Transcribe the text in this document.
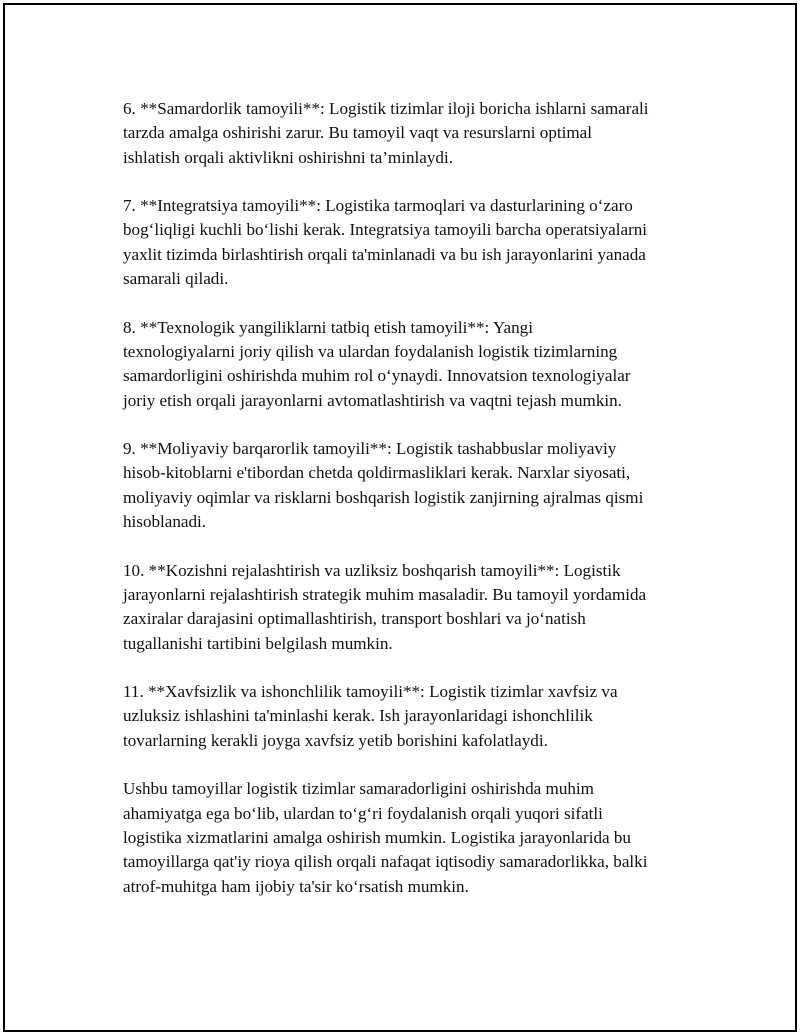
6. **Samardorlik tamoyili**: Logistik tizimlar iloji boricha ishlarni samarali
tarzda amalga oshirishi zarur. Bu tamoyil vaqt va resurslarni optimal
ishlatish orqali aktivlikni oshirishni ta’minlaydi.

7. **Integratsiya tamoyili**: Logistika tarmoqlari va dasturlarining o‘zaro
bog‘liqligi kuchli bo‘lishi kerak. Integratsiya tamoyili barcha operatsiyalarni
yaxlit tizimda birlashtirish orqali ta'minlanadi va bu ish jarayonlarini yanada
samarali qiladi.

8. **Texnologik yangiliklarni tatbiq etish tamoyili**: Yangi
texnologiyalarni joriy qilish va ulardan foydalanish logistik tizimlarning
samardorligini oshirishda muhim rol o‘ynaydi. Innovatsion texnologiyalar
joriy etish orqali jarayonlarni avtomatlashtirish va vaqtni tejash mumkin.

9. **Moliyaviy barqarorlik tamoyili**: Logistik tashabbuslar moliyaviy
hisob-kitoblarni e'tibordan chetda qoldirmasliklari kerak. Narxlar siyosati,
moliyaviy oqimlar va risklarni boshqarish logistik zanjirning ajralmas qismi
hisoblanadi.

10. **Kozishni rejalashtirish va uzliksiz boshqarish tamoyili**: Logistik
jarayonlarni rejalashtirish strategik muhim masaladir. Bu tamoyil yordamida
zaxiralar darajasini optimallashtirish, transport boshlari va jo‘natish
tugallanishi tartibini belgilash mumkin.

11. **Xavfsizlik va ishonchlilik tamoyili**: Logistik tizimlar xavfsiz va
uzluksiz ishlashini ta'minlashi kerak. Ish jarayonlaridagi ishonchlilik
tovarlarning kerakli joyga xavfsiz yetib borishini kafolatlaydi.

Ushbu tamoyillar logistik tizimlar samaradorligini oshirishda muhim
ahamiyatga ega bo‘lib, ulardan to‘g‘ri foydalanish orqali yuqori sifatli
logistika xizmatlarini amalga oshirish mumkin. Logistika jarayonlarida bu
tamoyillarga qat'iy rioya qilish orqali nafaqat iqtisodiy samaradorlikka, balki
atrof-muhitga ham ijobiy ta'sir ko‘rsatish mumkin.
